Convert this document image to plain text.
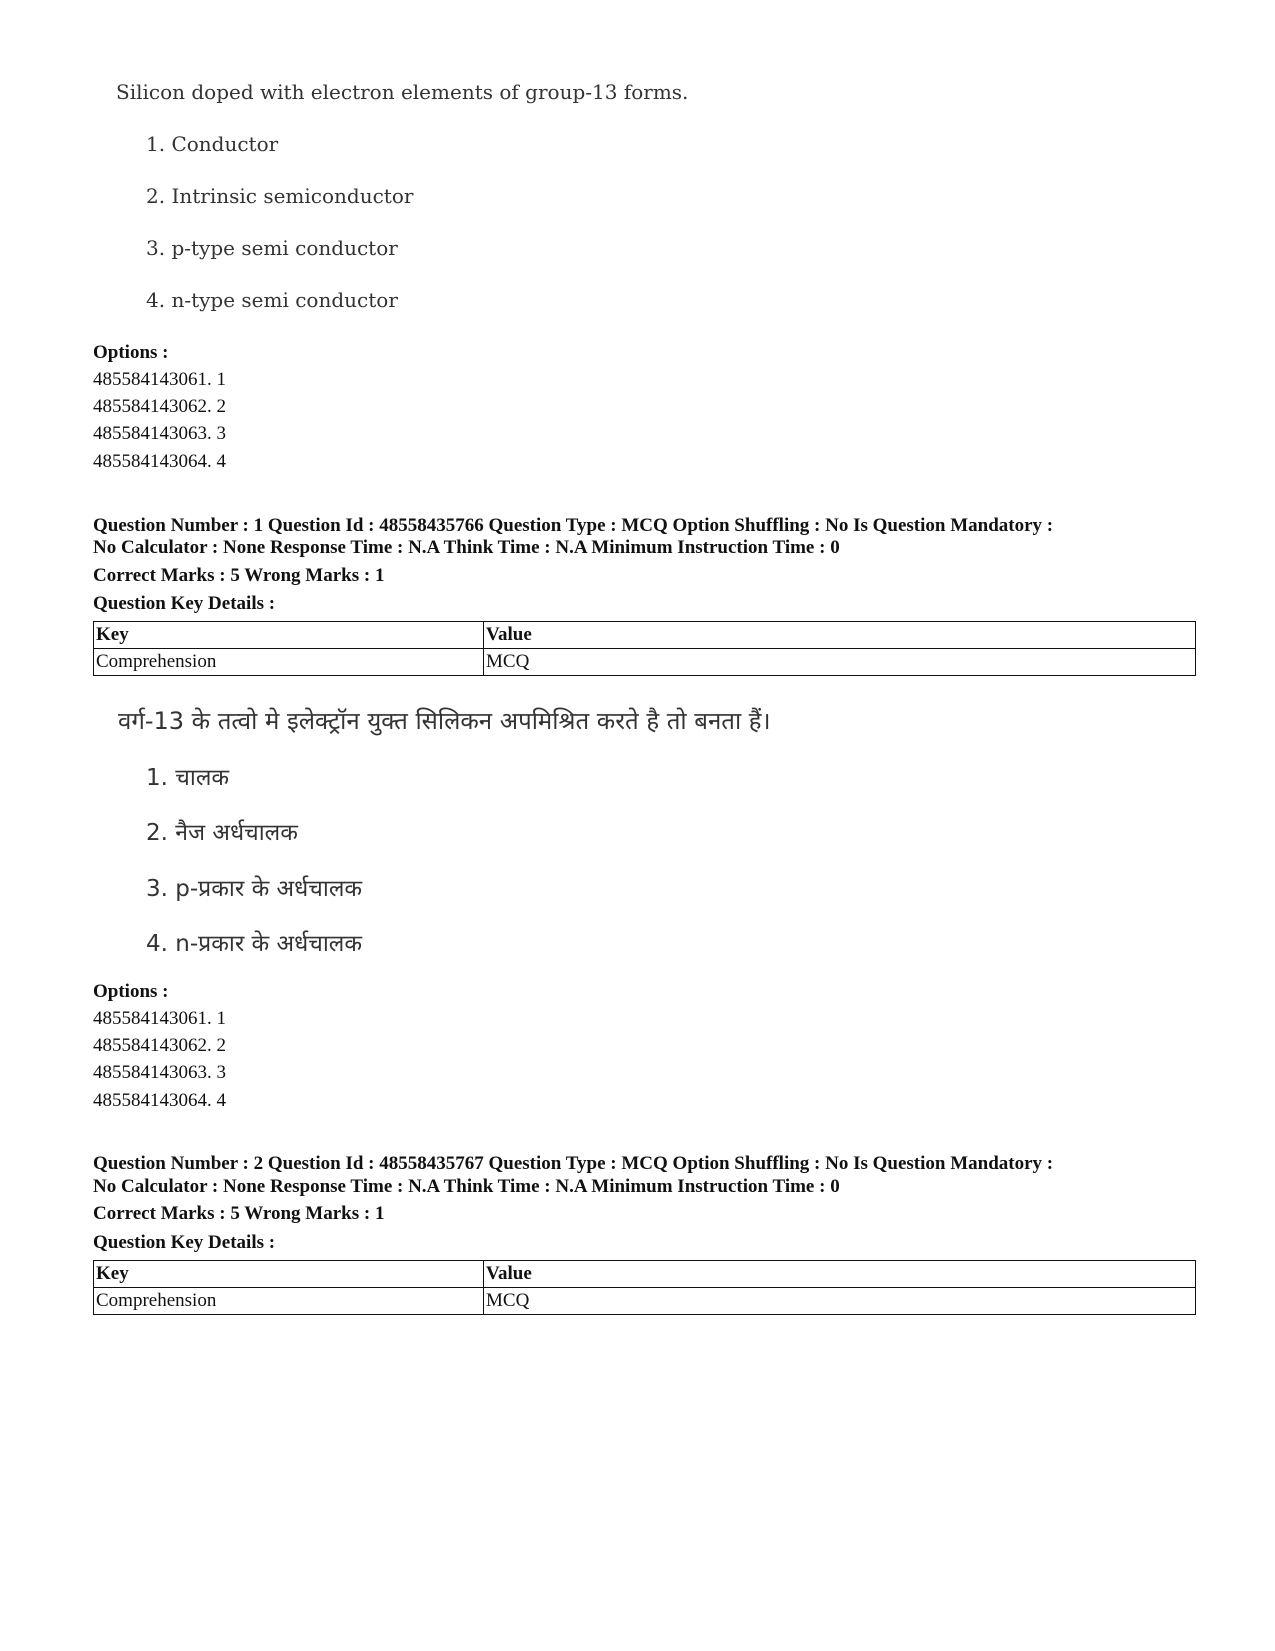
Silicon doped with electron elements of group-13 forms.
1. Conductor
2. Intrinsic semiconductor
3. p-type semi conductor
4. n-type semi conductor
Options :
485584143061. 1
485584143062. 2
485584143063. 3
485584143064. 4
Question Number : 1 Question Id : 48558435766 Question Type : MCQ Option Shuffling : No Is Question Mandatory :
No Calculator : None Response Time : N.A Think Time : N.A Minimum Instruction Time : 0
Correct Marks : 5 Wrong Marks : 1
Question Key Details :
Key	Value
Comprehension	MCQ
वर्ग-13 के तत्वो मे इलेक्ट्रॉन युक्त सिलिकन अपमिश्रित करते है तो बनता हैं।
1. चालक
2. नैज अर्धचालक
3. p-प्रकार के अर्धचालक
4. n-प्रकार के अर्धचालक
Options :
485584143061. 1
485584143062. 2
485584143063. 3
485584143064. 4
Question Number : 2 Question Id : 48558435767 Question Type : MCQ Option Shuffling : No Is Question Mandatory :
No Calculator : None Response Time : N.A Think Time : N.A Minimum Instruction Time : 0
Correct Marks : 5 Wrong Marks : 1
Question Key Details :
Key	Value
Comprehension	MCQ
